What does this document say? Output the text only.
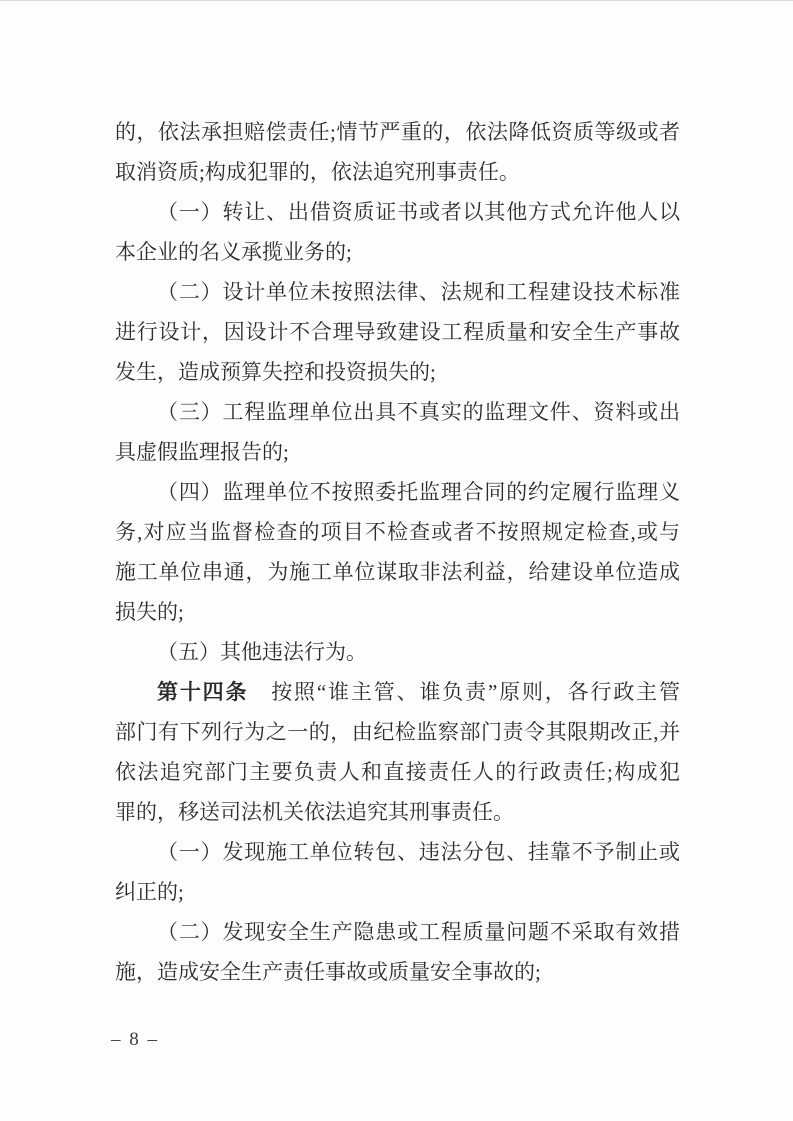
的，依法承担赔偿责任;情节严重的，依法降低资质等级或者
取消资质;构成犯罪的，依法追究刑事责任。
（一）转让、出借资质证书或者以其他方式允许他人以
本企业的名义承揽业务的;
（二）设计单位未按照法律、法规和工程建设技术标准
进行设计，因设计不合理导致建设工程质量和安全生产事故
发生，造成预算失控和投资损失的;
（三）工程监理单位出具不真实的监理文件、资料或出
具虚假监理报告的;
（四）监理单位不按照委托监理合同的约定履行监理义
务,对应当监督检查的项目不检查或者不按照规定检查,或与
施工单位串通，为施工单位谋取非法利益，给建设单位造成
损失的;
（五）其他违法行为。
第十四条　按照“谁主管、谁负责”原则，各行政主管
部门有下列行为之一的，由纪检监察部门责令其限期改正,并
依法追究部门主要负责人和直接责任人的行政责任;构成犯
罪的，移送司法机关依法追究其刑事责任。
（一）发现施工单位转包、违法分包、挂靠不予制止或
纠正的;
（二）发现安全生产隐患或工程质量问题不采取有效措
施，造成安全生产责任事故或质量安全事故的;
– 8 –
